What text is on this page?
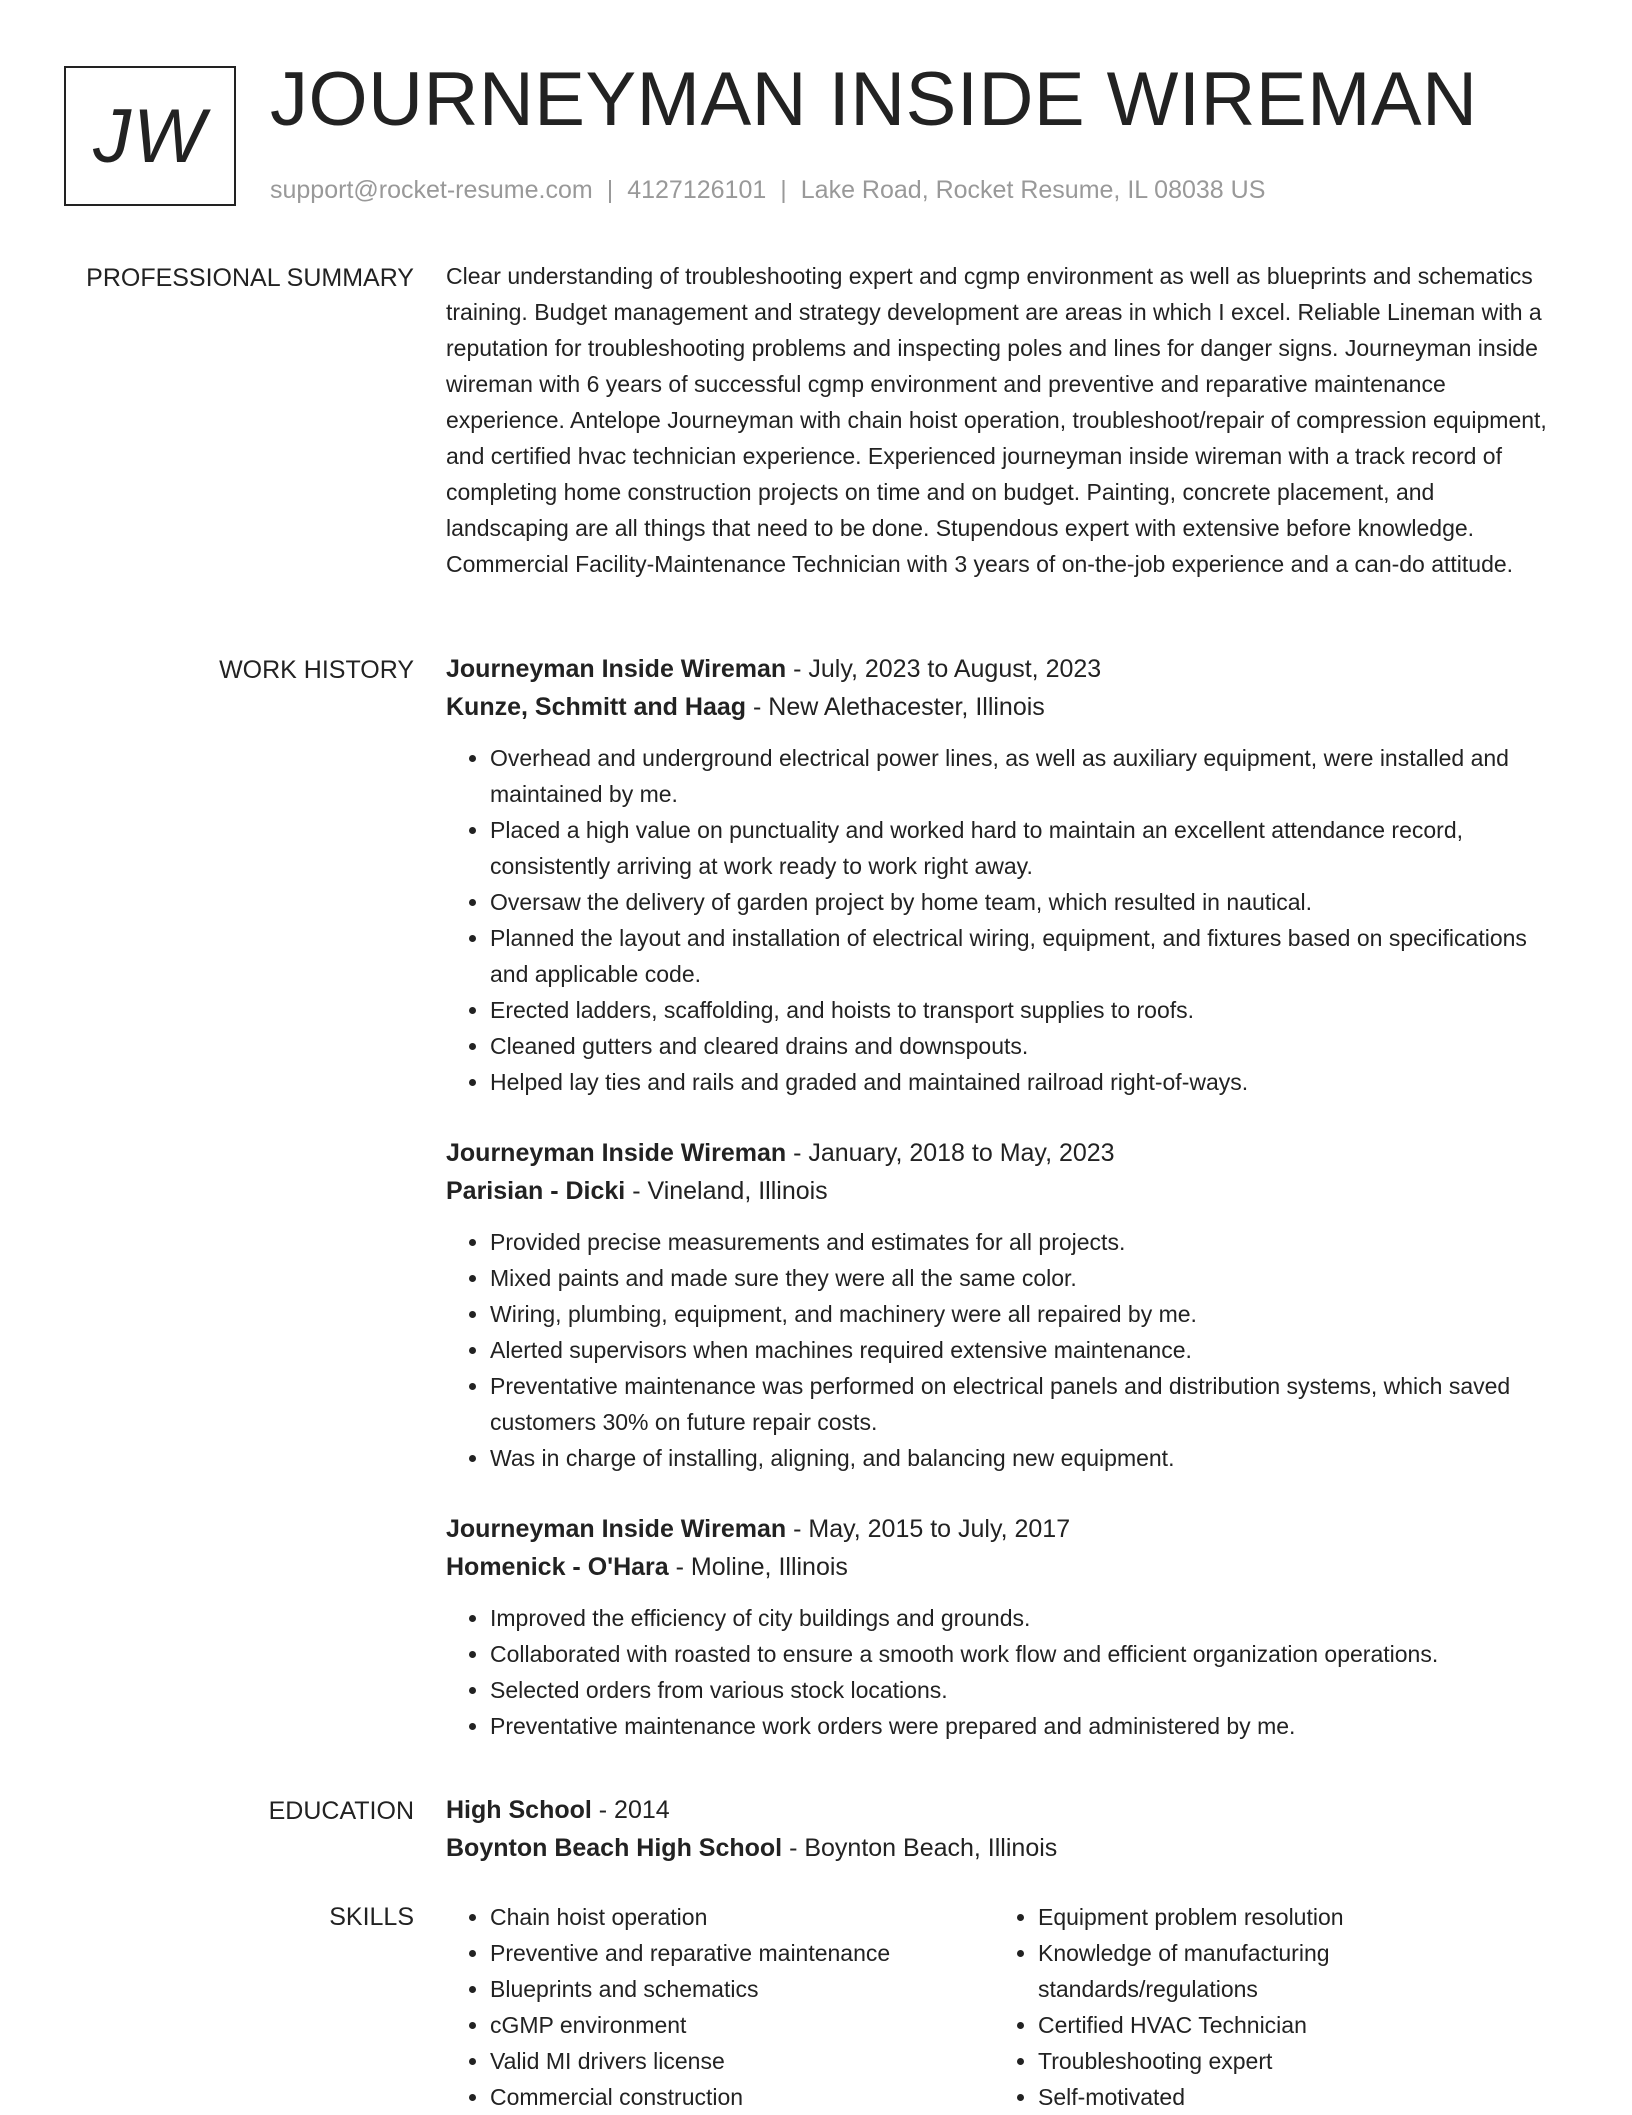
JW JOURNEYMAN INSIDE WIREMAN
support@rocket-resume.com | 4127126101 | Lake Road, Rocket Resume, IL 08038 US
PROFESSIONAL SUMMARY Clear understanding of troubleshooting expert and cgmp environment as well as blueprints and schematics training. Budget management and strategy development are areas in which I excel. Reliable Lineman with a reputation for troubleshooting problems and inspecting poles and lines for danger signs. Journeyman inside wireman with 6 years of successful cgmp environment and preventive and reparative maintenance experience. Antelope Journeyman with chain hoist operation, troubleshoot/repair of compression equipment, and certified hvac technician experience. Experienced journeyman inside wireman with a track record of completing home construction projects on time and on budget. Painting, concrete placement, and landscaping are all things that need to be done. Stupendous expert with extensive before knowledge. Commercial Facility-Maintenance Technician with 3 years of on-the-job experience and a can-do attitude.
WORK HISTORY Journeyman Inside Wireman - July, 2023 to August, 2023
Kunze, Schmitt and Haag - New Alethacester, Illinois
• Overhead and underground electrical power lines, as well as auxiliary equipment, were installed and maintained by me.
• Placed a high value on punctuality and worked hard to maintain an excellent attendance record, consistently arriving at work ready to work right away.
• Oversaw the delivery of garden project by home team, which resulted in nautical.
• Planned the layout and installation of electrical wiring, equipment, and fixtures based on specifications and applicable code.
• Erected ladders, scaffolding, and hoists to transport supplies to roofs.
• Cleaned gutters and cleared drains and downspouts.
• Helped lay ties and rails and graded and maintained railroad right-of-ways.
Journeyman Inside Wireman - January, 2018 to May, 2023
Parisian - Dicki - Vineland, Illinois
• Provided precise measurements and estimates for all projects.
• Mixed paints and made sure they were all the same color.
• Wiring, plumbing, equipment, and machinery were all repaired by me.
• Alerted supervisors when machines required extensive maintenance.
• Preventative maintenance was performed on electrical panels and distribution systems, which saved customers 30% on future repair costs.
• Was in charge of installing, aligning, and balancing new equipment.
Journeyman Inside Wireman - May, 2015 to July, 2017
Homenick - O'Hara - Moline, Illinois
• Improved the efficiency of city buildings and grounds.
• Collaborated with roasted to ensure a smooth work flow and efficient organization operations.
• Selected orders from various stock locations.
• Preventative maintenance work orders were prepared and administered by me.
EDUCATION High School - 2014
Boynton Beach High School - Boynton Beach, Illinois
SKILLS
•	Chain hoist operation
• Preventive and reparative maintenance
• Blueprints and schematics
• cGMP environment
• Valid MI drivers license
• Commercial construction
• Equipment problem resolution
• Knowledge of manufacturing standards/regulations
• Certified HVAC Technician
• Troubleshooting expert
• Self-motivated
